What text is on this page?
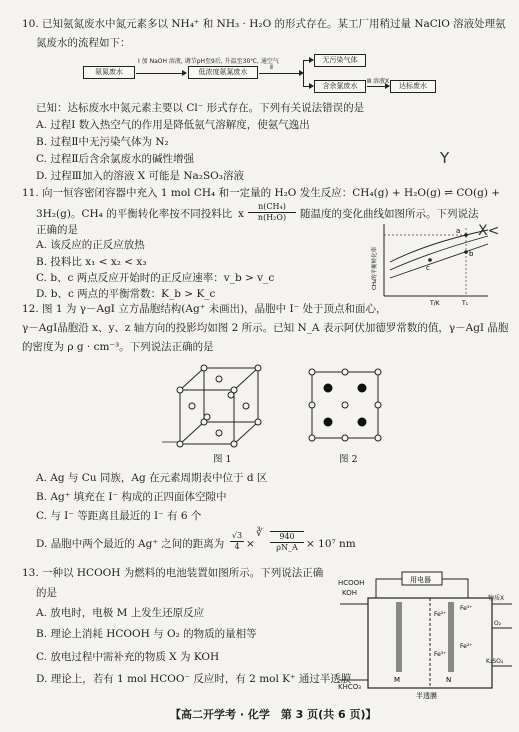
10. 已知氨氮废水中氮元素多以 NH₄⁺ 和 NH₃ · H₂O 的形式存在。某工厂用稍过量 NaClO 溶液处理氨
氮废水的流程如下：
氨氮废水
Ⅰ 加 NaOH 溶液, 调节pH至9后, 升温至30℃, 通空气
低浓度氨氮废水
Ⅱ
无污染气体
含余氯废水
Ⅲ 溶液X
达标废水
已知：达标废水中氮元素主要以 Cl⁻ 形式存在。下列有关说法错误的是
A. 过程Ⅰ 数入热空气的作用是降低氨气溶解度，使氨气逸出
B. 过程Ⅱ中无污染气体为 N₂
C. 过程Ⅱ后含余氯废水的碱性增强
D. 过程Ⅲ加入的溶液 X 可能是 Na₂SO₃溶液
Y
11. 向一恒容密闭容器中充入 1 mol CH₄ 和一定量的 H₂O 发生反应：CH₄(g) + H₂O(g) ⇌ CO(g) +
3H₂(g)。CH₄ 的平衡转化率按不同投料比 x $\frac{\text{n(CH₄)}}{\text{n(H₂O)}}$ 随温度的变化曲线如图所示。下列说法
正确的是
A. 该反应的正反应放热
B. 投料比 x₁ < x₂ < x₃
C. b、c 两点反应开始时的正反应速率：v_b > v_c
D. b、c 两点的平衡常数：K_b > K_c
a
b
c
CH₄的平衡转化率
T/K	T₁
X<
12. 图 1 为 γ－AgI 立方晶胞结构(Ag⁺ 未画出)，晶胞中 I⁻ 处于顶点和面心，
γ－AgI晶胞沿 x、y、z 轴方向的投影均如图 2 所示。已知 N_A 表示阿伏加德罗常数的值，γ－AgI 晶胞
的密度为 ρ g · cm⁻³。下列说法正确的是
图 1	图 2
A. Ag 与 Cu 同族，Ag 在元素周期表中位于 d 区
B. Ag⁺ 填充在 I⁻ 构成的正四面体空隙中
C. 与 I⁻ 等距离且最近的 I⁻ 有 6 个
D. 晶胞中两个最近的 Ag⁺ 之间的距离为
√3
4 ×
∛	940
ρN_A × 10⁷ nm
13. 一种以 HCOOH 为燃料的电池装置如图所示。下列说法正确
的是
A. 放电时，电极 M 上发生还原反应
B. 理论上消耗 HCOOH 与 O₂ 的物质的量相等
C. 放电过程中需补充的物质 X 为 KOH
D. 理论上，若有 1 mol HCOO⁻ 反应时，有 2 mol K⁺ 通过半透膜
用电器
M	N
半透膜
Fe³⁺
Fe²⁺
Fe²⁺
Fe³⁺
HCOOH
KOH
KHCO₃
物质X
O₂
K₂SO₄
【高二开学考 · 化学　第 3 页(共 6 页)】
